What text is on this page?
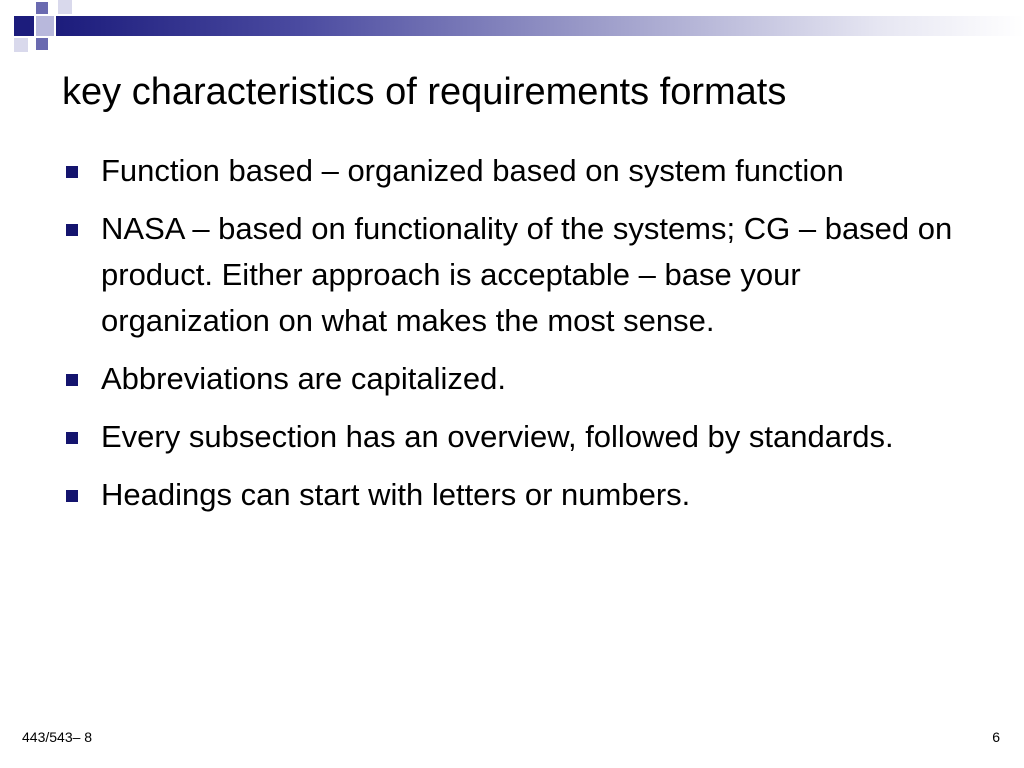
key characteristics of requirements formats
Function based – organized based on system function
NASA – based on functionality of the systems; CG – based on product. Either approach is acceptable – base your organization on what makes the most sense.
Abbreviations are capitalized.
Every subsection has an overview, followed by standards.
Headings can start with letters or numbers.
443/543– 8	6
